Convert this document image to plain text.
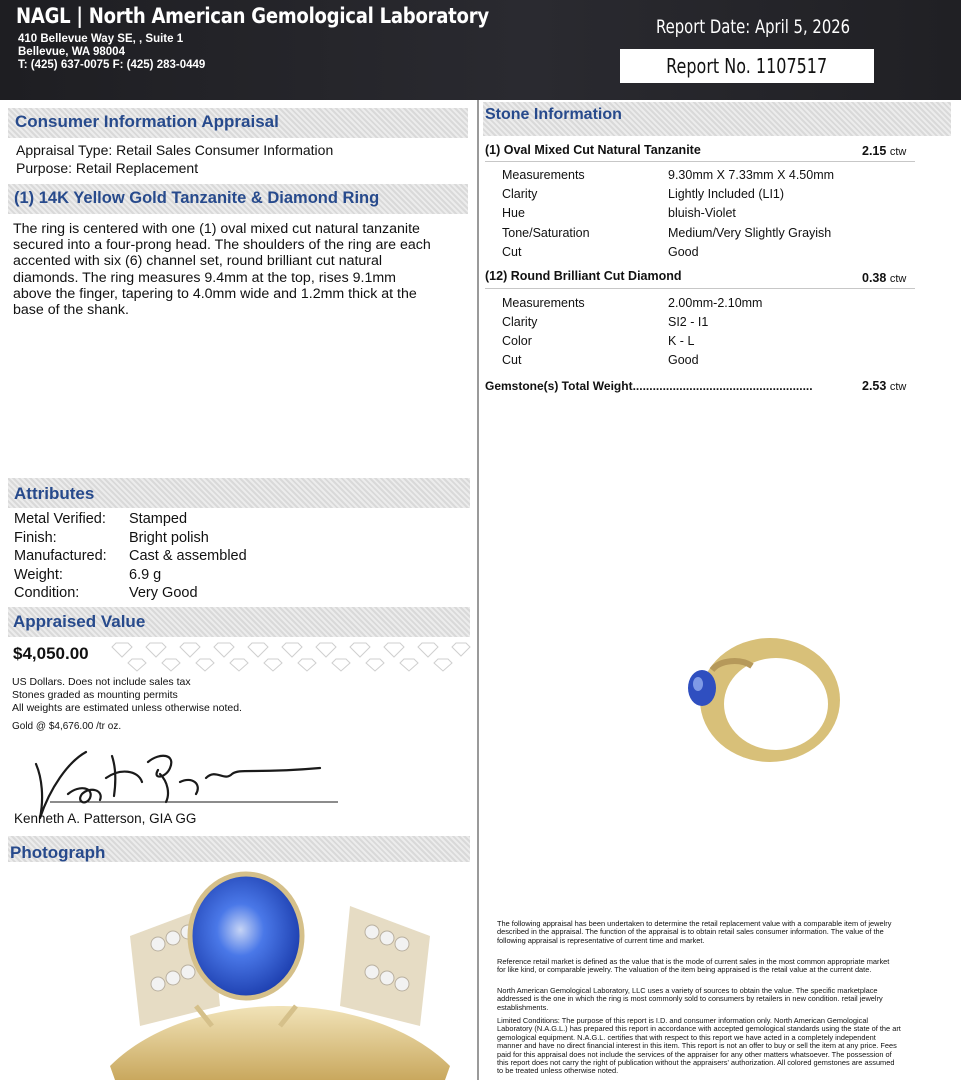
NAGL | North American Gemological Laboratory
410 Bellevue Way SE, , Suite 1
Bellevue, WA 98004
T: (425) 637-0075 F: (425) 283-0449
Report Date: April 5, 2026
Report No. 1107517
Consumer Information Appraisal
Appraisal Type: Retail Sales Consumer Information
Purpose: Retail Replacement
(1) 14K Yellow Gold Tanzanite & Diamond Ring
The ring is centered with one (1) oval mixed cut natural tanzanite
secured into a four-prong head. The shoulders of the ring are each
accented with six (6) channel set, round brilliant cut natural
diamonds. The ring measures 9.4mm at the top, rises 9.1mm
above the finger, tapering to 4.0mm wide and 1.2mm thick at the
base of the shank.
Attributes
Metal Verified: Stamped
Finish:	Bright polish
Manufactured: Cast & assembled
Weight:	6.9 g
Condition:	Very Good
Appraised Value
$4,050.00
US Dollars. Does not include sales tax
Stones graded as mounting permits
All weights are estimated unless otherwise noted.
Gold @ $4,676.00 /tr oz.
Kenneth A. Patterson, GIA GG
Photograph
Stone Information
(1) Oval Mixed Cut Natural Tanzanite	2.15 ctw
Measurements	9.30mm X 7.33mm X 4.50mm
Clarity	Lightly Included (LI1)
Hue	bluish-Violet
Tone/Saturation	Medium/Very Slightly Grayish
Cut	Good
(12) Round Brilliant Cut Diamond	0.38 ctw
Measurements	2.00mm-2.10mm
Clarity	SI2 - I1
Color	K - L
Cut	Good
Gemstone(s) Total Weight......................................................	2.53 ctw
The following appraisal has been undertaken to determine the retail replacement value with a comparable item of jewelry
described in the appraisal. The function of the appraisal is to obtain retail sales consumer information. The value of the
following appraisal is representative of current time and market.
Reference retail market is defined as the value that is the mode of current sales in the most common appropriate market
for like kind, or comparable jewelry. The valuation of the item being appraised is the retail value at the current date.
North American Gemological Laboratory, LLC uses a variety of sources to obtain the value. The specific marketplace
addressed is the one in which the ring is most commonly sold to consumers by retailers in new condition. retail jewelry
establishments.
Limited Conditions: The purpose of this report is I.D. and consumer information only. North American Gemological
Laboratory (N.A.G.L.) has prepared this report in accordance with accepted gemological standards using the state of the art
gemological equipment. N.A.G.L. certifies that with respect to this report we have acted in a completely independent
manner and have no direct financial interest in this item. This report is not an offer to buy or sell the item at any price. Fees
paid for this appraisal does not include the services of the appraiser for any other matters whatsoever. The possession of
this report does not carry the right of publication without the appraisers' authorization. All colored gemstones are assumed
to be treated unless otherwise noted.
